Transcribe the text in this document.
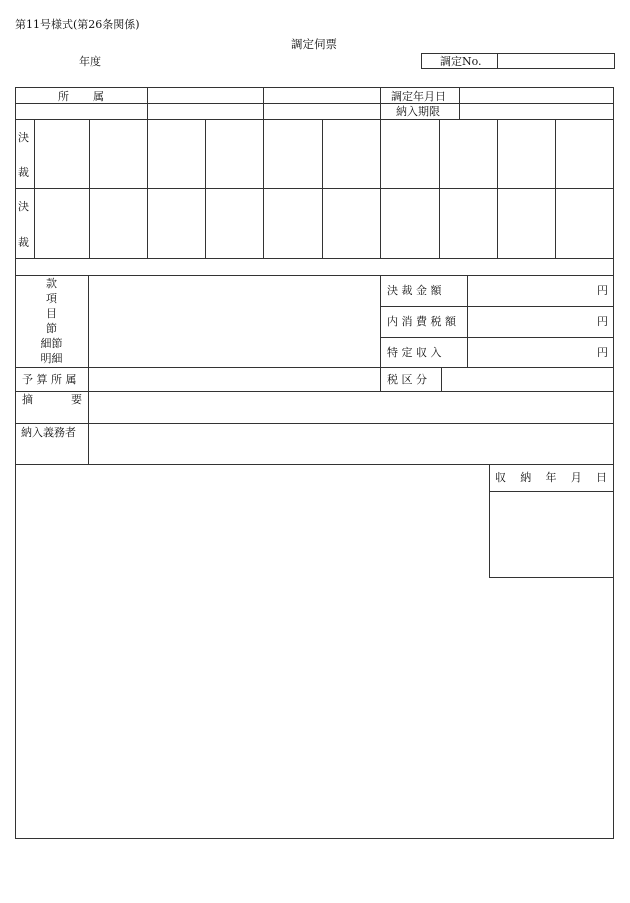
第11号様式(第26条関係)
調定伺票
年度	調定No.
所 属	調定年月日
納入期限
決
裁
決
裁
款
項
目
節
細節
明細
決 裁 金 額	円
内 消 費 税 額	円
特 定 収 入	円
予 算 所 属	税 区 分
摘	要
納入義務者
収 納 年 月 日
